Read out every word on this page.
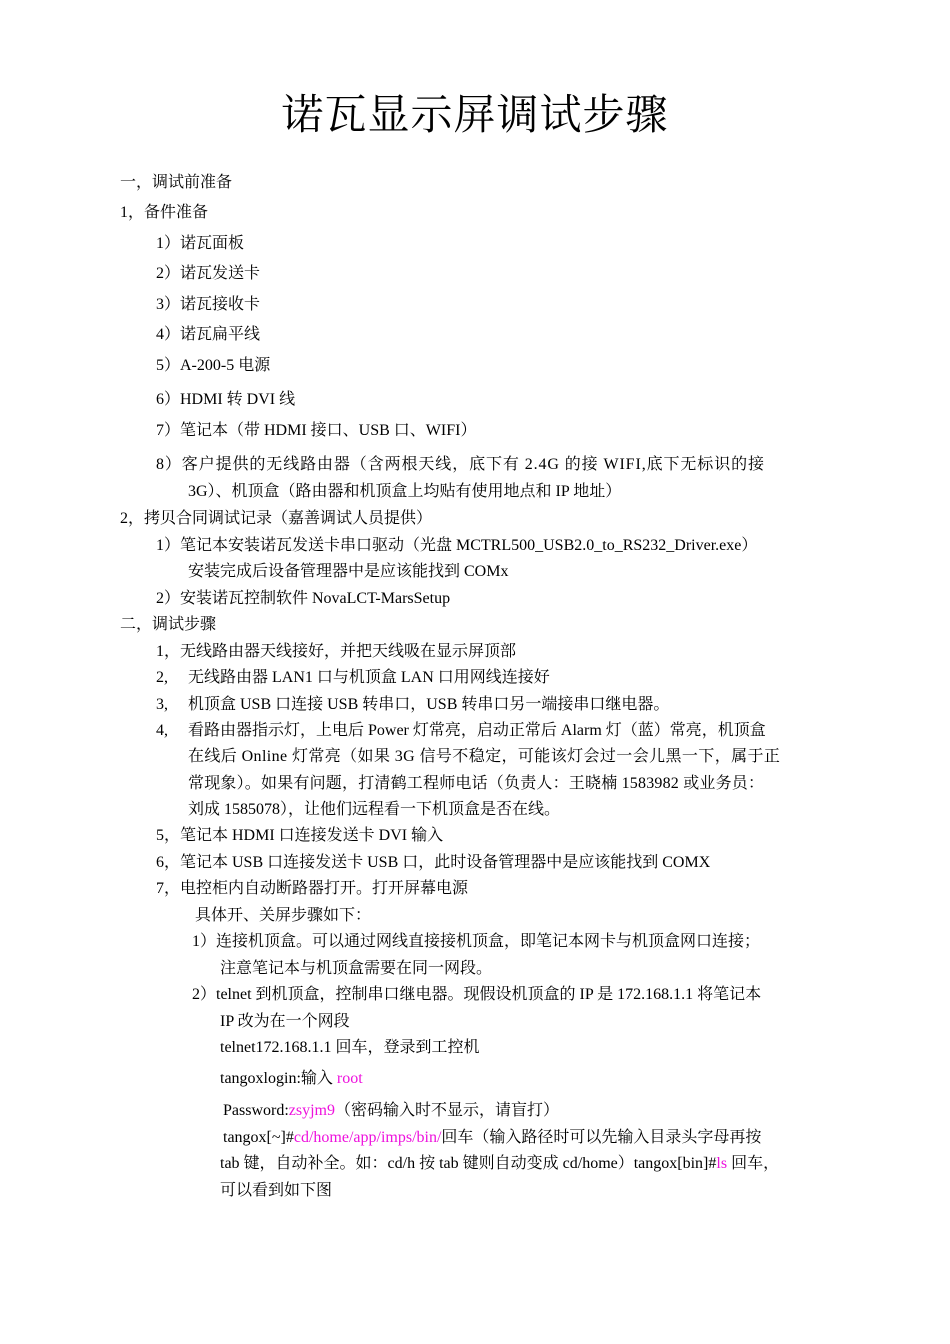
诺瓦显示屏调试步骤
一，调试前准备
1，备件准备
1）诺瓦面板
2）诺瓦发送卡
3）诺瓦接收卡
4）诺瓦扁平线
5）A-200-5 电源
6）HDMI 转 DVI 线
7）笔记本（带 HDMI 接口、USB 口、WIFI）
8）客户提供的无线路由器（含两根天线，底下有 2.4G 的接 WIFI,底下无标识的接
3G）、机顶盒（路由器和机顶盒上均贴有使用地点和 IP 地址）
2，拷贝合同调试记录（嘉善调试人员提供）
1）笔记本安装诺瓦发送卡串口驱动（光盘 MCTRL500_USB2.0_to_RS232_Driver.exe）
安装完成后设备管理器中是应该能找到 COMx
2）安装诺瓦控制软件 NovaLCT-MarsSetup
二，调试步骤
1，无线路由器天线接好，并把天线吸在显示屏顶部
2, 无线路由器 LAN1 口与机顶盒 LAN 口用网线连接好
3, 机顶盒 USB 口连接 USB 转串口，USB 转串口另一端接串口继电器。
4, 看路由器指示灯，上电后 Power 灯常亮，启动正常后 Alarm 灯（蓝）常亮，机顶盒
在线后 Online 灯常亮（如果 3G 信号不稳定，可能该灯会过一会儿黑一下，属于正
常现象）。如果有问题，打清鹤工程师电话（负责人：王晓楠 1583982 或业务员：
刘成 1585078），让他们远程看一下机顶盒是否在线。
5，笔记本 HDMI 口连接发送卡 DVI 输入
6，笔记本 USB 口连接发送卡 USB 口，此时设备管理器中是应该能找到 COMX
7，电控柜内自动断路器打开。打开屏幕电源
具体开、关屏步骤如下：
1）连接机顶盒。可以通过网线直接接机顶盒，即笔记本网卡与机顶盒网口连接；
注意笔记本与机顶盒需要在同一网段。
2）telnet 到机顶盒，控制串口继电器。现假设机顶盒的 IP 是 172.168.1.1 将笔记本
IP 改为在一个网段
telnet172.168.1.1 回车，登录到工控机
tangoxlogin:输入 root
Password:zsyjm9（密码输入时不显示，请盲打）
tangox[~]#cd/home/app/imps/bin/回车（输入路径时可以先输入目录头字母再按
tab 键，自动补全。如：cd/h 按 tab 键则自动变成 cd/home）tangox[bin]#ls 回车，
可以看到如下图
